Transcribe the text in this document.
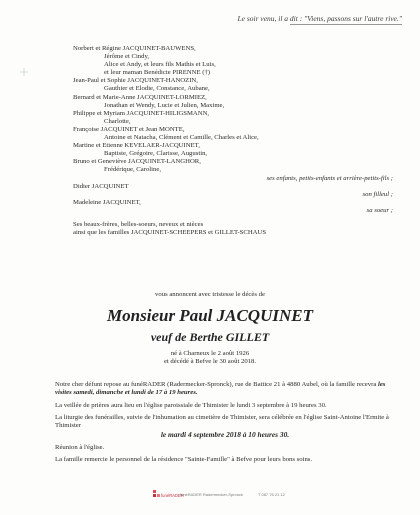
Le soir venu, il a dit : "Viens, passons sur l'autre rive."
Norbert et Régine JACQUINET-BAUWENS,
Jérôme et Cindy,
Alice et Andy, et leurs fils Mathis et Luis,
et leur maman Benédicte PIRENNE (†)
Jean-Paul et Sophie JACQUINET-HANOZIN,
Gauthier et Elodie, Constance, Aubane,
Bernard et Marie-Anne JACQUINET-LORMIEZ,
Jonathan et Wendy, Lucie et Julien, Maxime,
Philippe et Myriam JACQUINET-HILIGSMANN,
Charlotte,
Françoise JACQUINET et Jean MONTE,
Antoine et Natacha, Clément et Camille, Charles et Alice,
Martine et Etienne KEVELAER-JACQUINET,
Baptiste, Grégoire, Clarisse, Augustin,
Bruno et Geneviève JACQUINET-LANGHOR,
Frédérique, Caroline,
ses enfants, petits-enfants et arrière-petits-fils ;
Didier JACQUINET
son filleul ;
Madeleine JACQUINET,
sa soeur ;
Ses beaux-frères, belles-soeurs, neveux et nièces
ainsi que les familles JACQUINET-SCHEEPERS et GILLET-SCHAUS
vous annoncent avec tristesse le décès de
Monsieur Paul JACQUINET
veuf de Berthe GILLET
né à Charneux le 2 août 1926
et décédé à Befve le 30 août 2018.
Notre cher défunt repose au funéRADER (Radermecker-Spronck), rue de Battice 21 à 4880 Aubel, où la famille recevra les visites samedi, dimanche et lundi de 17 à 19 heures.
La veillée de prières aura lieu en l'église paroissiale de Thimister le lundi 3 septembre à 19 heures 30.
La liturgie des funérailles, suivie de l'inhumation au cimetière de Thimister, sera célébrée en l'église Saint-Antoine l'Ermite à Thimister
le mardi 4 septembre 2018 à 10 heures 30.
Réunion à l'église.
La famille remercie le personnel de la résidence "Sainte-Famille" à Befve pour leurs bons soins.
funéRADER
funéRADER Radermecker-Spronck	T 087 76 21 12
